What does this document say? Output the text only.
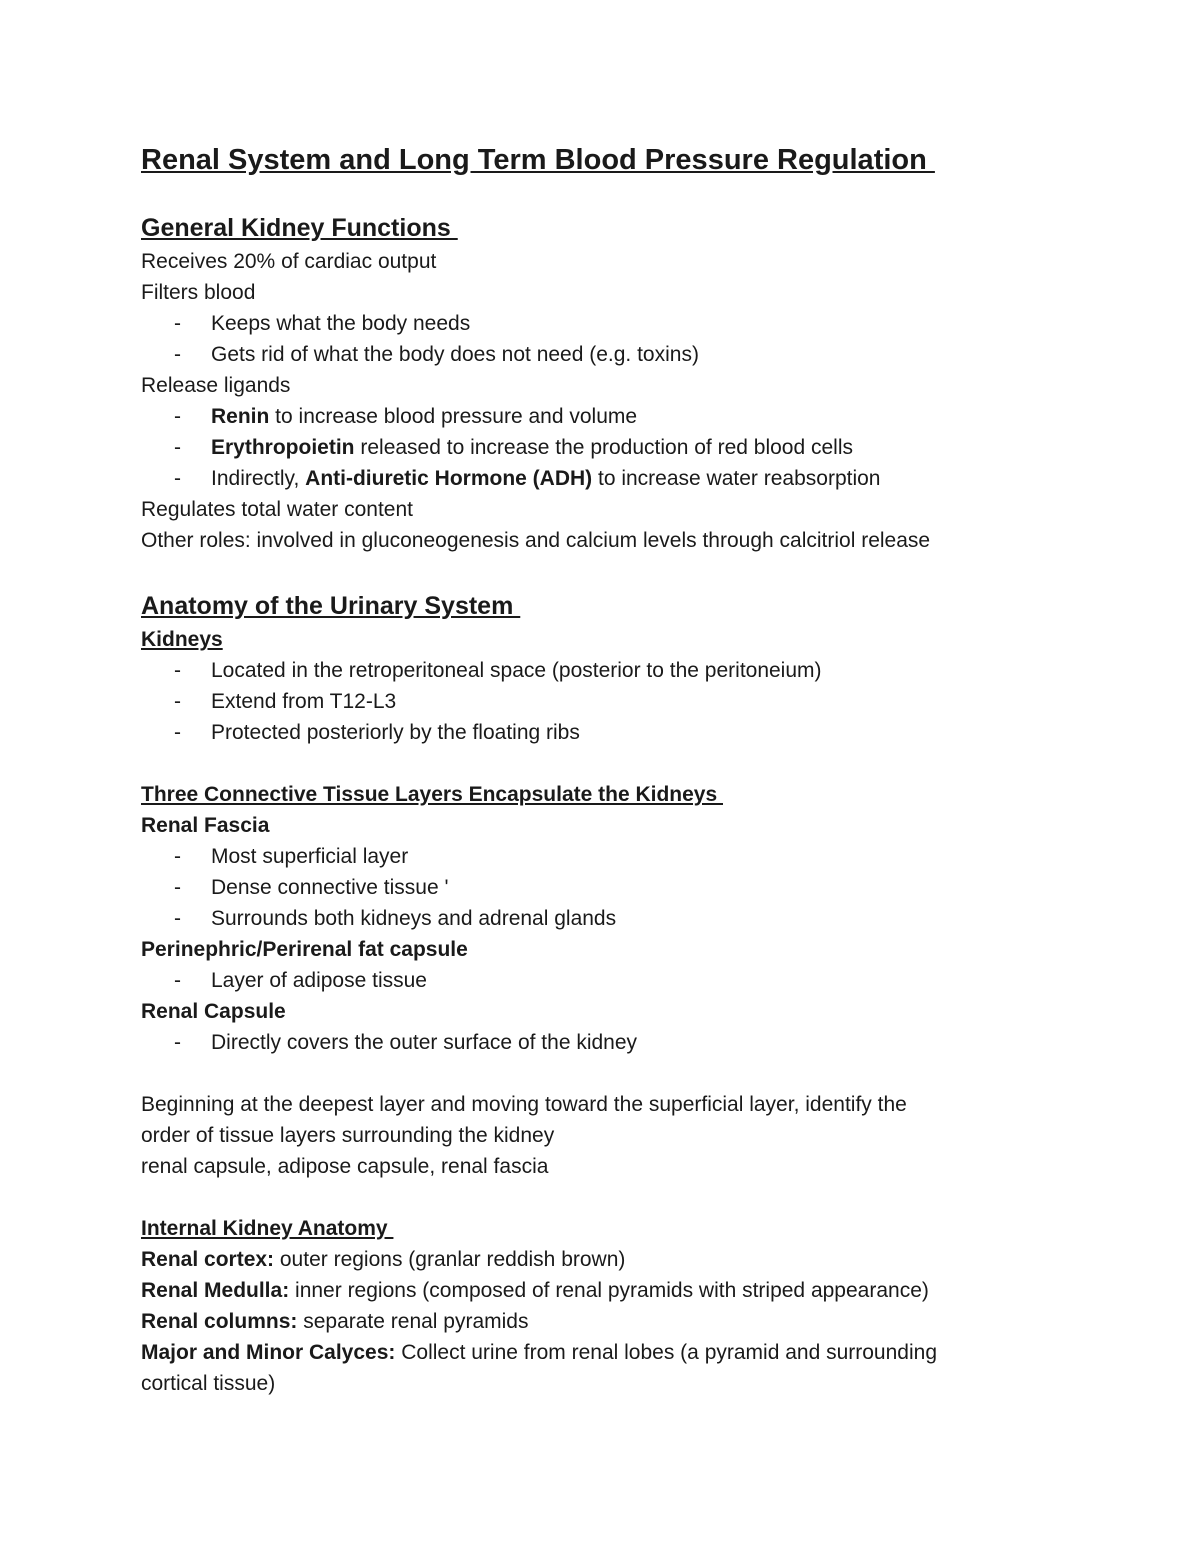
Renal System and Long Term Blood Pressure Regulation
General Kidney Functions
Receives 20% of cardiac output
Filters blood
- Keeps what the body needs
- Gets rid of what the body does not need (e.g. toxins)
Release ligands
- Renin to increase blood pressure and volume
- Erythropoietin released to increase the production of red blood cells
- Indirectly, Anti-diuretic Hormone (ADH) to increase water reabsorption
Regulates total water content
Other roles: involved in gluconeogenesis and calcium levels through calcitriol release
Anatomy of the Urinary System
Kidneys
- Located in the retroperitoneal space (posterior to the peritoneium)
- Extend from T12-L3
- Protected posteriorly by the floating ribs
Three Connective Tissue Layers Encapsulate the Kidneys
Renal Fascia
- Most superficial layer
- Dense connective tissue '
- Surrounds both kidneys and adrenal glands
Perinephric/Perirenal fat capsule
- Layer of adipose tissue
Renal Capsule
- Directly covers the outer surface of the kidney
Beginning at the deepest layer and moving toward the superficial layer, identify the
order of tissue layers surrounding the kidney
renal capsule, adipose capsule, renal fascia
Internal Kidney Anatomy
Renal cortex: outer regions (granlar reddish brown)
Renal Medulla: inner regions (composed of renal pyramids with striped appearance)
Renal columns: separate renal pyramids
Major and Minor Calyces: Collect urine from renal lobes (a pyramid and surrounding
cortical tissue)
